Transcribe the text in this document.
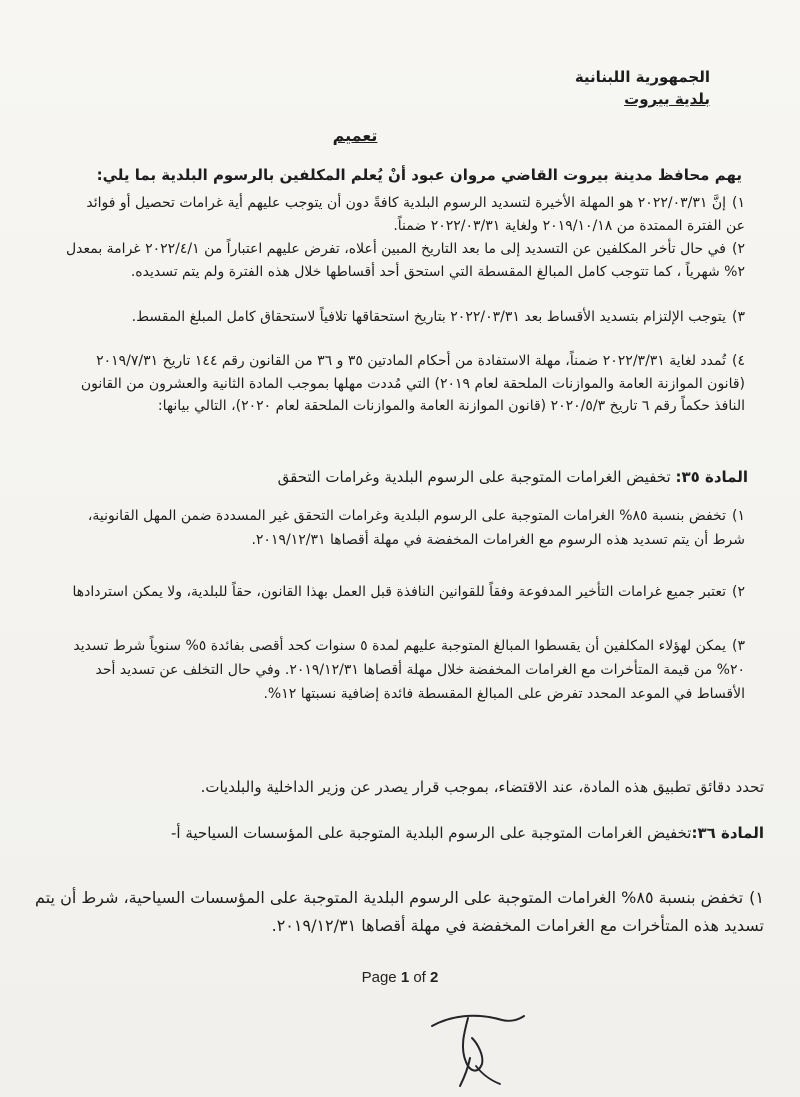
الجمهورية اللبنانية
بلدية بيروت
تعميم
يهم محافظ مدينة بيروت القاضي مروان عبود أنْ يُعلم المكلفين بالرسوم البلدية بما يلي:
١)إنَّ ٢٠٢٢/٠٣/٣١ هو المهلة الأخيرة لتسديد الرسوم البلدية كافةً دون أن يتوجب عليهم أية غرامات تحصيل أو فوائد عن الفترة الممتدة من ٢٠١٩/١٠/١٨ ولغاية ٢٠٢٢/٠٣/٣١ ضمناً.
٢)في حال تأخر المكلفين عن التسديد إلى ما بعد التاريخ المبين أعلاه، تفرض عليهم اعتباراً من ٢٠٢٢/٤/١ غرامة بمعدل ٢% شهرياً ، كما تتوجب كامل المبالغ المقسطة التي استحق أحد أقساطها خلال هذه الفترة ولم يتم تسديده.
٣)يتوجب الإلتزام بتسديد الأقساط بعد ٢٠٢٢/٠٣/٣١ بتاريخ استحقاقها تلافياً لاستحقاق كامل المبلغ المقسط.
٤)تُمدد لغاية ٢٠٢٢/٣/٣١ ضمناً، مهلة الاستفادة من أحكام المادتين ٣٥ و ٣٦ من القانون رقم ١٤٤ تاريخ ٢٠١٩/٧/٣١ (قانون الموازنة العامة والموازنات الملحقة لعام ٢٠١٩) التي مُددت مهلها بموجب المادة الثانية والعشرون من القانون النافذ حكماً رقم ٦ تاريخ ٢٠٢٠/٥/٣ (قانون الموازنة العامة والموازنات الملحقة لعام ٢٠٢٠)، التالي بيانها:
المادة ٣٥: تخفيض الغرامات المتوجبة على الرسوم البلدية وغرامات التحقق
١)تخفض بنسبة ٨٥% الغرامات المتوجبة على الرسوم البلدية وغرامات التحقق غير المسددة ضمن المهل القانونية، شرط أن يتم تسديد هذه الرسوم مع الغرامات المخفضة في مهلة أقصاها ٢٠١٩/١٢/٣١.
٢)تعتبر جميع غرامات التأخير المدفوعة وفقاً للقوانين النافذة قبل العمل بهذا القانون، حقاً للبلدية، ولا يمكن استردادها
٣)يمكن لهؤلاء المكلفين أن يقسطوا المبالغ المتوجبة عليهم لمدة ٥ سنوات كحد أقصى بفائدة ٥% سنوياً شرط تسديد ٢٠% من قيمة المتأخرات مع الغرامات المخفضة خلال مهلة أقصاها ٢٠١٩/١٢/٣١. وفي حال التخلف عن تسديد أحد الأقساط في الموعد المحدد تفرض على المبالغ المقسطة فائدة إضافية نسبتها ١٢%.
تحدد دقائق تطبيق هذه المادة، عند الاقتضاء، بموجب قرار يصدر عن وزير الداخلية والبلديات.
المادة ٣٦:تخفيض الغرامات المتوجبة على الرسوم البلدية المتوجبة على المؤسسات السياحية أ-
١)تخفض بنسبة ٨٥% الغرامات المتوجبة على الرسوم البلدية المتوجبة على المؤسسات السياحية، شرط أن يتم تسديد هذه المتأخرات مع الغرامات المخفضة في مهلة أقصاها ٢٠١٩/١٢/٣١.
Page 1 of 2
